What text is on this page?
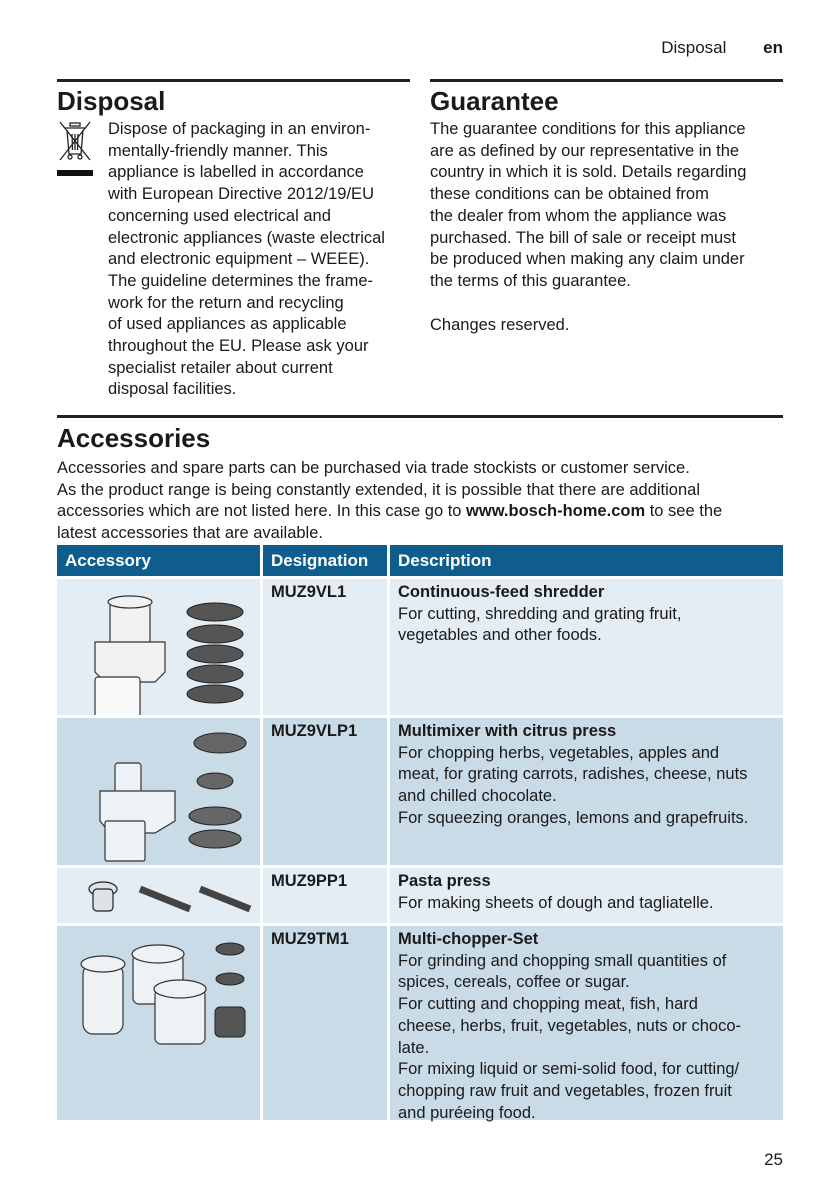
Disposal en
Disposal	Guarantee

Dispose of packaging in an environ-

mentally-friendly manner. This

appliance is labelled in accordance

with European Directive 2012/19/EU

concerning used electrical and

electronic appliances (waste electrical

and electronic equipment – WEEE).

The guideline determines the frame-

work for the return and recycling

of used appliances as applicable

throughout the EU. Please ask your

specialist retailer about current

disposal facilities.

The guarantee conditions for this appliance

are as defined by our representative in the

country in which it is sold. Details regarding

these conditions can be obtained from

the dealer from whom the appliance was

purchased. The bill of sale or receipt must

be produced when making any claim under

the terms of this guarantee.

Changes reserved.
Accessories

Accessories and spare parts can be purchased via trade stockists or customer service.

As the product range is being constantly extended, it is possible that there are additional

accessories which are not listed here. In this case go to www.bosch-home.com to see the

latest accessories that are available.

Accessory	Designation	Description
MUZ9VL1	Continuous-feed shredder
For cutting, shredding and grating fruit,
vegetables and other foods.
MUZ9VLP1	Multimixer with citrus press
For chopping herbs, vegetables, apples and
meat, for grating carrots, radishes, cheese, nuts
and chilled chocolate.
For squeezing oranges, lemons and grapefruits.
MUZ9PP1	Pasta press
For making sheets of dough and tagliatelle.
MUZ9TM1	Multi-chopper-Set
For grinding and chopping small quantities of
spices, cereals, coffee or sugar.
For cutting and chopping meat, fish, hard
cheese, herbs, fruit, vegetables, nuts or choco-
late.
For mixing liquid or semi-solid food, for cutting/
chopping raw fruit and vegetables, frozen fruit
and puréeing food.
25
